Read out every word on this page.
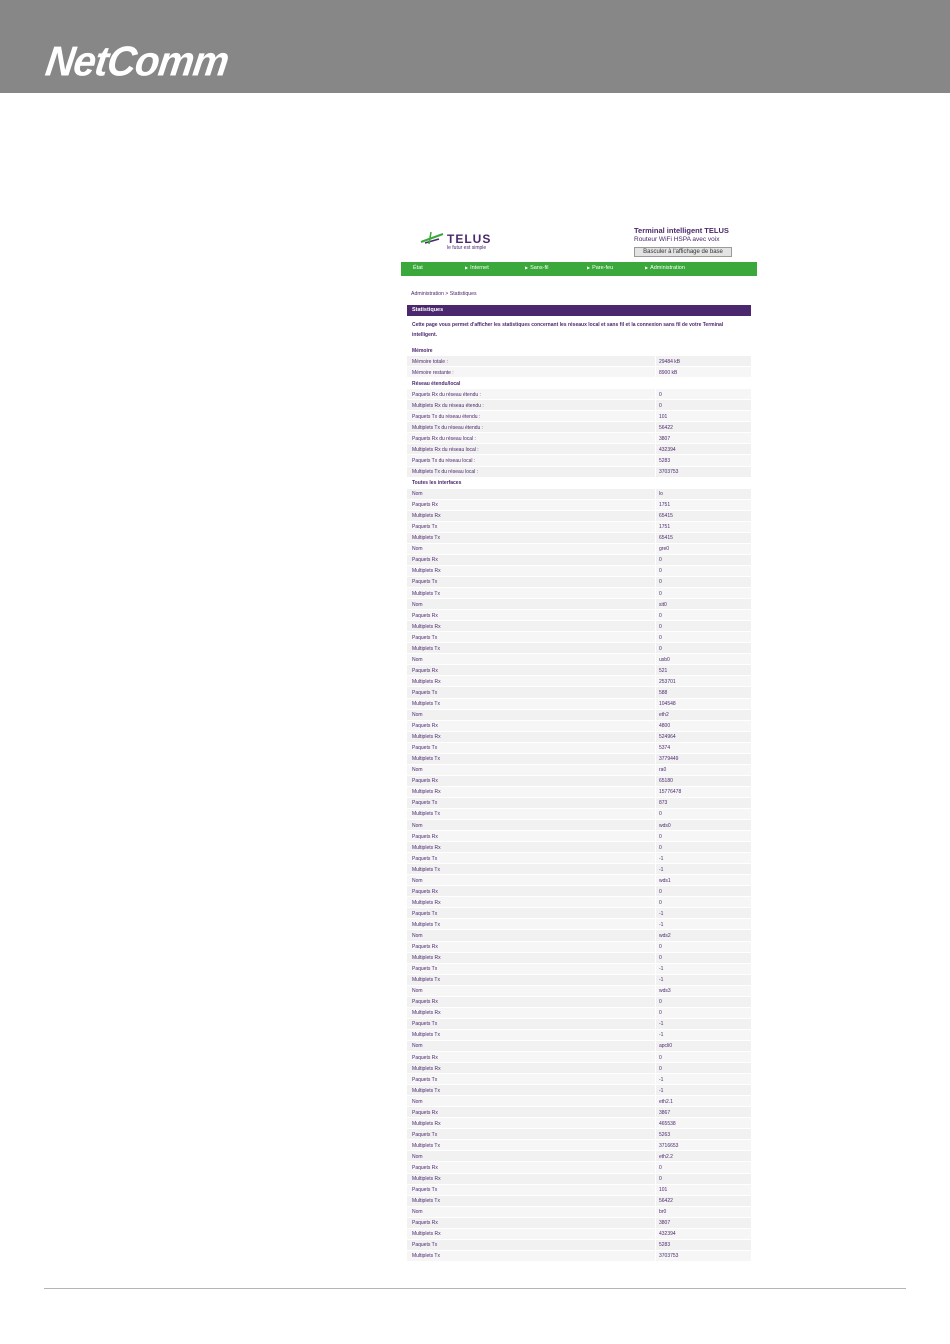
NetComm
TELUS
le futur est simple
Terminal intelligent TELUS
Routeur WiFi HSPA avec voix
Basculer à l'affichage de base
État	▶ Internet	▶ Sans-fil	▶ Pare-feu	▶ Administration
Administration > Statistiques
Statistiques
Cette page vous permet d'afficher les statistiques concernant les réseaux local et sans fil et la connexion sans fil de votre Terminal intelligent.
Mémoire
Mémoire totale :	29484 kB
Mémoire restante :	8900 kB
Réseau étendu/local
Paquets Rx du réseau étendu :	0
Multiplets Rx du réseau étendu :	0
Paquets Tx du réseau étendu :	101
Multiplets Tx du réseau étendu :	56422
Paquets Rx du réseau local :	3807
Multiplets Rx du réseau local :	432394
Paquets Tx du réseau local :	5283
Multiplets Tx du réseau local :	3703753
Toutes les interfaces
Nom	lo
Paquets Rx	1751
Multiplets Rx	65415
Paquets Tx	1751
Multiplets Tx	65415
Nom	gre0
Paquets Rx	0
Multiplets Rx	0
Paquets Tx	0
Multiplets Tx	0
Nom	sit0
Paquets Rx	0
Multiplets Rx	0
Paquets Tx	0
Multiplets Tx	0
Nom	usb0
Paquets Rx	521
Multiplets Rx	253701
Paquets Tx	588
Multiplets Tx	104548
Nom	eth2
Paquets Rx	4800
Multiplets Rx	524964
Paquets Tx	5374
Multiplets Tx	3779449
Nom	ra0
Paquets Rx	65180
Multiplets Rx	15776478
Paquets Tx	873
Multiplets Tx	0
Nom	wds0
Paquets Rx	0
Multiplets Rx	0
Paquets Tx	-1
Multiplets Tx	-1
Nom	wds1
Paquets Rx	0
Multiplets Rx	0
Paquets Tx	-1
Multiplets Tx	-1
Nom	wds2
Paquets Rx	0
Multiplets Rx	0
Paquets Tx	-1
Multiplets Tx	-1
Nom	wds3
Paquets Rx	0
Multiplets Rx	0
Paquets Tx	-1
Multiplets Tx	-1
Nom	apcli0
Paquets Rx	0
Multiplets Rx	0
Paquets Tx	-1
Multiplets Tx	-1
Nom	eth2.1
Paquets Rx	3867
Multiplets Rx	465538
Paquets Tx	5263
Multiplets Tx	3716653
Nom	eth2.2
Paquets Rx	0
Multiplets Rx	0
Paquets Tx	101
Multiplets Tx	56422
Nom	br0
Paquets Rx	3807
Multiplets Rx	432394
Paquets Tx	5283
Multiplets Tx	3703753
